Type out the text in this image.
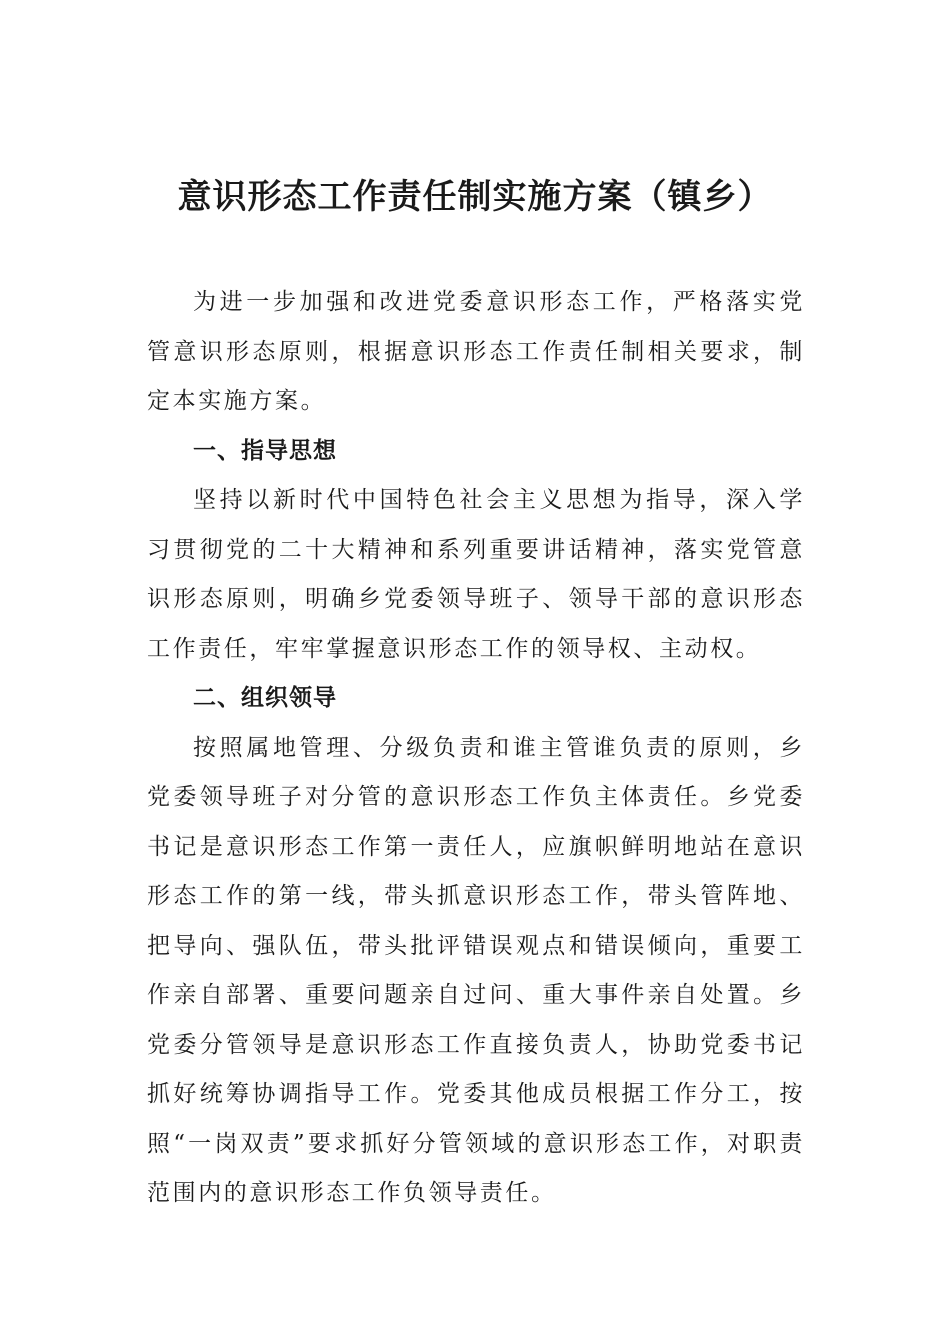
意识形态工作责任制实施方案（镇乡）

为进一步加强和改进党委意识形态工作，严格落实党管意识形态原则，根据意识形态工作责任制相关要求，制定本实施方案。

一、指导思想

坚持以新时代中国特色社会主义思想为指导，深入学习贯彻党的二十大精神和系列重要讲话精神，落实党管意识形态原则，明确乡党委领导班子、领导干部的意识形态工作责任，牢牢掌握意识形态工作的领导权、主动权。

二、组织领导

按照属地管理、分级负责和谁主管谁负责的原则，乡党委领导班子对分管的意识形态工作负主体责任。乡党委书记是意识形态工作第一责任人，应旗帜鲜明地站在意识形态工作的第一线，带头抓意识形态工作，带头管阵地、把导向、强队伍，带头批评错误观点和错误倾向，重要工作亲自部署、重要问题亲自过问、重大事件亲自处置。乡党委分管领导是意识形态工作直接负责人，协助党委书记抓好统筹协调指导工作。党委其他成员根据工作分工，按照“一岗双责”要求抓好分管领域的意识形态工作，对职责范围内的意识形态工作负领导责任。
